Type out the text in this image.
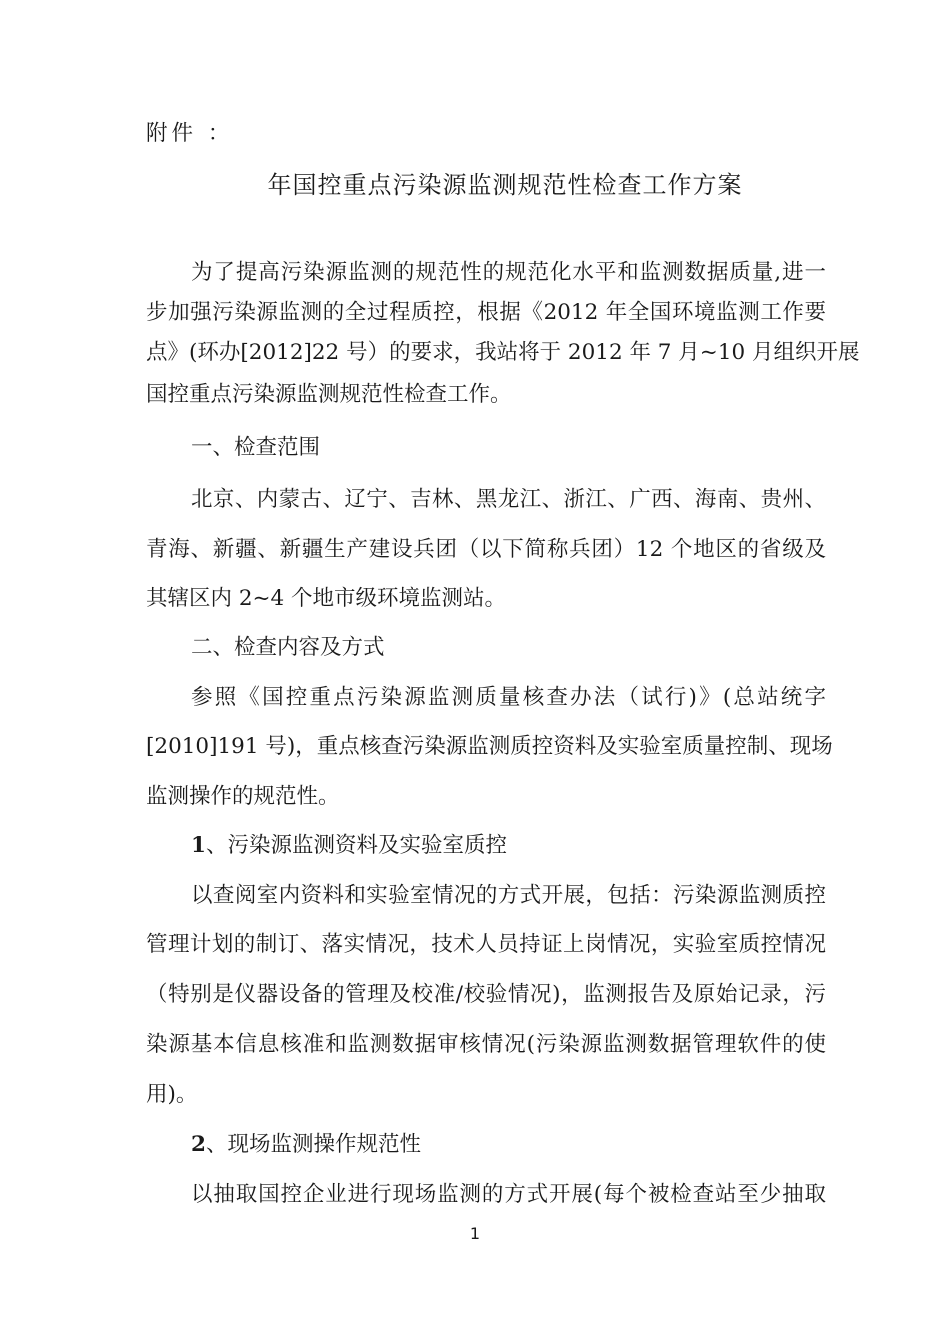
附件 ：
年国控重点污染源监测规范性检查工作方案
为了提高污染源监测的规范性的规范化水平和监测数据质量,进一
步加强污染源监测的全过程质控，根据《2012 年全国环境监测工作要
点》(环办[2012]22 号）的要求，我站将于 2012 年 7 月~10 月组织开展
国控重点污染源监测规范性检查工作。
一、检查范围
北京、内蒙古、辽宁、吉林、黑龙江、浙江、广西、海南、贵州、
青海、新疆、新疆生产建设兵团（以下简称兵团）12 个地区的省级及
其辖区内 2~4 个地市级环境监测站。
二、检查内容及方式
参照《国控重点污染源监测质量核查办法（试行)》(总站统字
[2010]191 号)，重点核查污染源监测质控资料及实验室质量控制、现场
监测操作的规范性。
1、污染源监测资料及实验室质控
以查阅室内资料和实验室情况的方式开展，包括：污染源监测质控
管理计划的制订、落实情况，技术人员持证上岗情况，实验室质控情况
（特别是仪器设备的管理及校准/校验情况)，监测报告及原始记录，污
染源基本信息核准和监测数据审核情况(污染源监测数据管理软件的使
用)。
2、现场监测操作规范性
以抽取国控企业进行现场监测的方式开展(每个被检查站至少抽取
1
